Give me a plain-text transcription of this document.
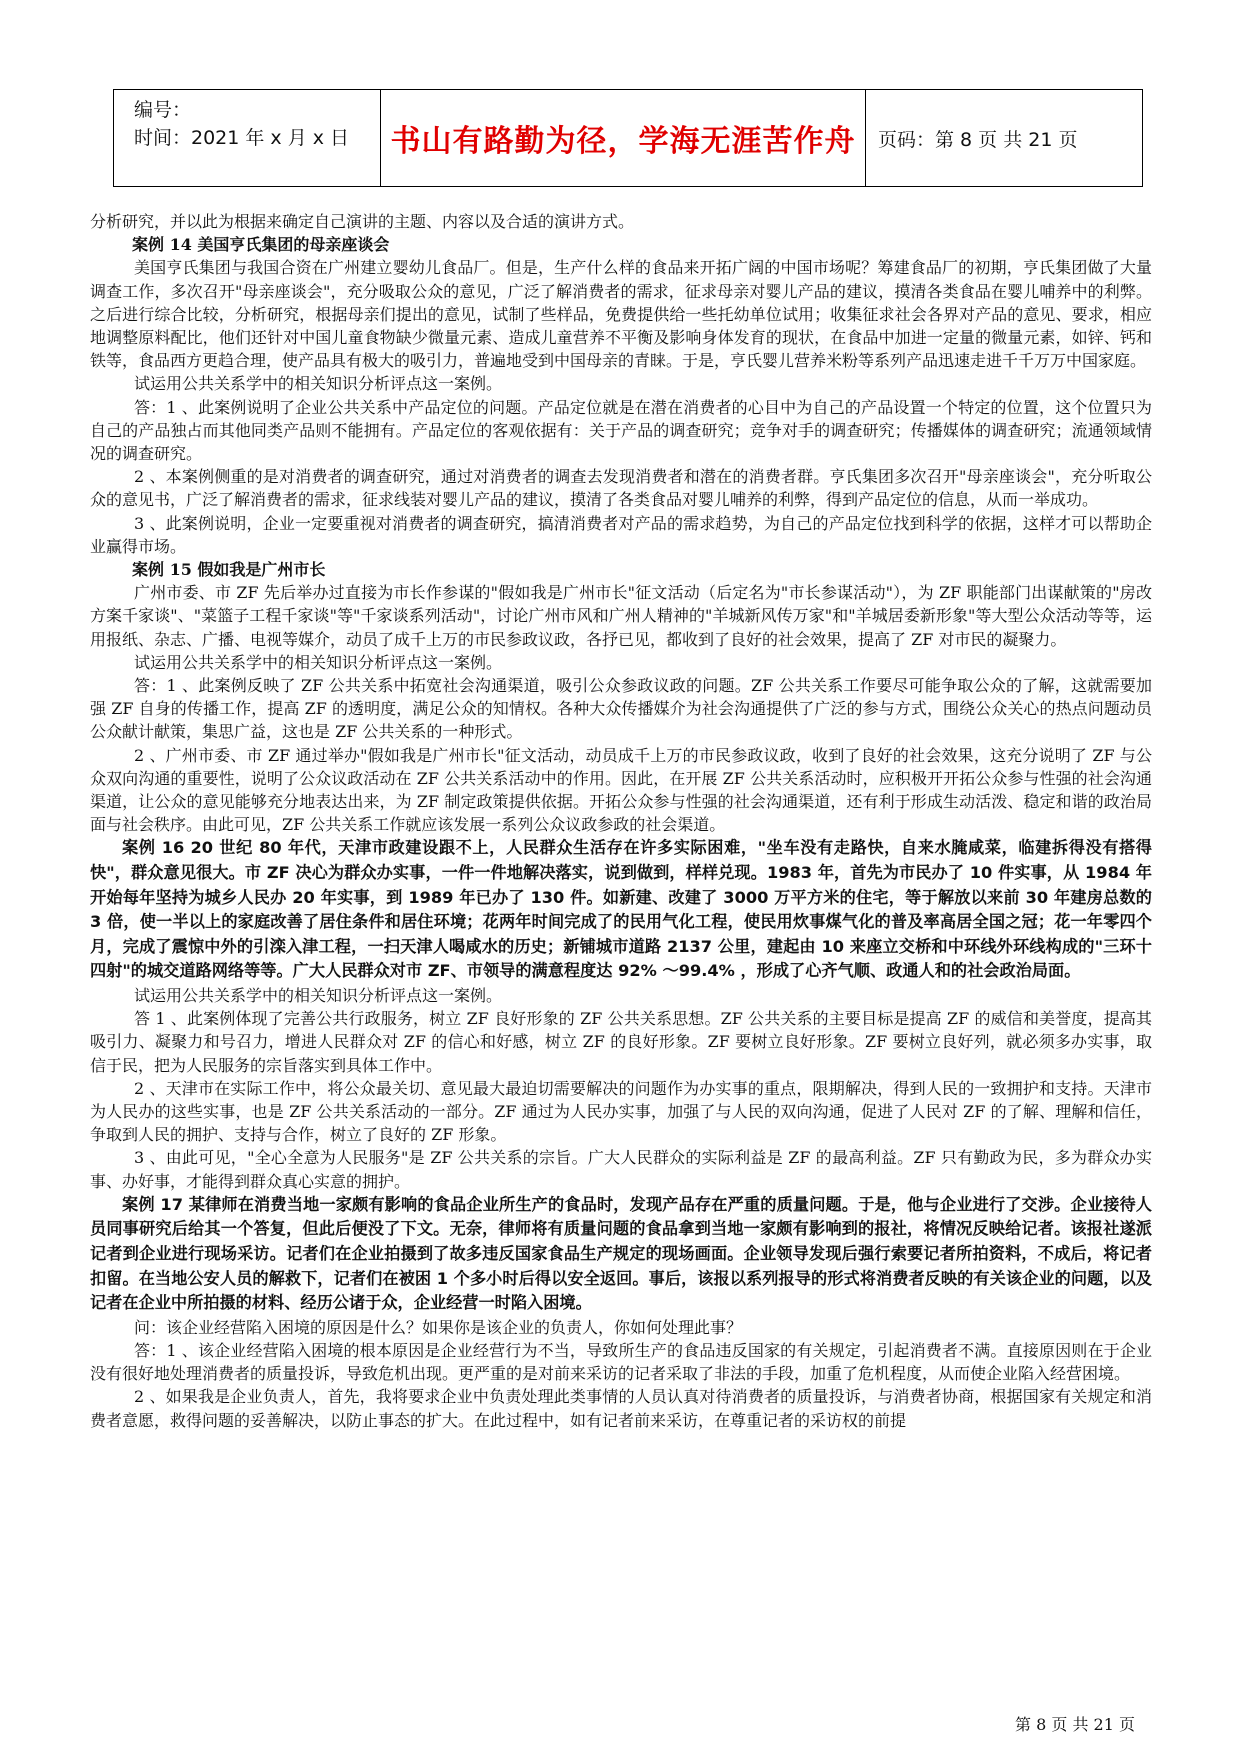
编号：
时间：2021 年 x 月 x 日	书山有路勤为径，学海无涯苦作舟 页码：第 8 页 共 21 页

分析研究，并以此为根据来确定自己演讲的主题、内容以及合适的演讲方式。

案例 14 美国亨氏集团的母亲座谈会

美国亨氏集团与我国合资在广州建立婴幼儿食品厂。但是，生产什么样的食品来开拓广阔的中国市场呢？筹建食品厂的初期，亨氏集团做了大量调查工作，多次召开"母亲座谈会"，充分吸取公众的意见，广泛了解消费者的需求，征求母亲对婴儿产品的建议，摸清各类食品在婴儿哺养中的利弊。之后进行综合比较，分析研究，根据母亲们提出的意见，试制了些样品，免费提供给一些托幼单位试用；收集征求社会各界对产品的意见、要求，相应地调整原料配比，他们还针对中国儿童食物缺少微量元素、造成儿童营养不平衡及影响身体发育的现状，在食品中加进一定量的微量元素，如锌、钙和铁等，食品西方更趋合理，使产品具有极大的吸引力，普遍地受到中国母亲的青睐。于是，亨氏婴儿营养米粉等系列产品迅速走进千千万万中国家庭。

试运用公共关系学中的相关知识分析评点这一案例。

答：1 、此案例说明了企业公共关系中产品定位的问题。产品定位就是在潜在消费者的心目中为自己的产品设置一个特定的位置，这个位置只为自己的产品独占而其他同类产品则不能拥有。产品定位的客观依据有：关于产品的调查研究；竞争对手的调查研究；传播媒体的调查研究；流通领域情况的调查研究。

2 、本案例侧重的是对消费者的调查研究，通过对消费者的调查去发现消费者和潜在的消费者群。亨氏集团多次召开"母亲座谈会"，充分听取公众的意见书，广泛了解消费者的需求，征求线装对婴儿产品的建议，摸清了各类食品对婴儿哺养的利弊，得到产品定位的信息，从而一举成功。

3 、此案例说明，企业一定要重视对消费者的调查研究，搞清消费者对产品的需求趋势，为自己的产品定位找到科学的依据，这样才可以帮助企业赢得市场。

案例 15 假如我是广州市长

广州市委、市 ZF 先后举办过直接为市长作参谋的"假如我是广州市长"征文活动（后定名为"市长参谋活动"），为 ZF 职能部门出谋献策的"房改方案千家谈"、"菜篮子工程千家谈"等"千家谈系列活动"，讨论广州市风和广州人精神的"羊城新风传万家"和"羊城居委新形象"等大型公众活动等等，运用报纸、杂志、广播、电视等媒介，动员了成千上万的市民参政议政，各抒已见，都收到了良好的社会效果，提高了 ZF 对市民的凝聚力。

试运用公共关系学中的相关知识分析评点这一案例。

答：1 、此案例反映了 ZF 公共关系中拓宽社会沟通渠道，吸引公众参政议政的问题。ZF 公共关系工作要尽可能争取公众的了解，这就需要加强 ZF 自身的传播工作，提高 ZF 的透明度，满足公众的知情权。各种大众传播媒介为社会沟通提供了广泛的参与方式，围绕公众关心的热点问题动员公众献计献策，集思广益，这也是 ZF 公共关系的一种形式。

2 、广州市委、市 ZF 通过举办"假如我是广州市长"征文活动，动员成千上万的市民参政议政，收到了良好的社会效果，这充分说明了 ZF 与公众双向沟通的重要性，说明了公众议政活动在 ZF 公共关系活动中的作用。因此，在开展 ZF 公共关系活动时，应积极开开拓公众参与性强的社会沟通渠道，让公众的意见能够充分地表达出来，为 ZF 制定政策提供依据。开拓公众参与性强的社会沟通渠道，还有利于形成生动活泼、稳定和谐的政治局面与社会秩序。由此可见，ZF 公共关系工作就应该发展一系列公众议政参政的社会渠道。

案例 16 20 世纪 80 年代，天津市政建设跟不上，人民群众生活存在许多实际困难，"坐车没有走路快，自来水腌咸菜，临建拆得没有搭得快"，群众意见很大。市 ZF 决心为群众办实事，一件一件地解决落实，说到做到，样样兑现。1983 年，首先为市民办了 10 件实事，从 1984 年开始每年坚持为城乡人民办 20 年实事，到 1989 年已办了 130 件。如新建、改建了 3000 万平方米的住宅，等于解放以来前 30 年建房总数的 3 倍，使一半以上的家庭改善了居住条件和居住环境；花两年时间完成了的民用气化工程，使民用炊事煤气化的普及率高居全国之冠；花一年零四个月，完成了震惊中外的引滦入津工程，一扫天津人喝咸水的历史；新铺城市道路 2137 公里，建起由 10 来座立交桥和中环线外环线构成的"三环十四射"的城交道路网络等等。广大人民群众对市 ZF、市领导的满意程度达 92% ～99.4% ，形成了心齐气顺、政通人和的社会政治局面。

试运用公共关系学中的相关知识分析评点这一案例。

答 1 、此案例体现了完善公共行政服务，树立 ZF 良好形象的 ZF 公共关系思想。ZF 公共关系的主要目标是提高 ZF 的威信和美誉度，提高其吸引力、凝聚力和号召力，增进人民群众对 ZF 的信心和好感，树立 ZF 的良好形象。ZF 要树立良好形象。ZF 要树立良好列，就必须多办实事，取信于民，把为人民服务的宗旨落实到具体工作中。

2 、天津市在实际工作中，将公众最关切、意见最大最迫切需要解决的问题作为办实事的重点，限期解决，得到人民的一致拥护和支持。天津市为人民办的这些实事，也是 ZF 公共关系活动的一部分。ZF 通过为人民办实事，加强了与人民的双向沟通，促进了人民对 ZF 的了解、理解和信任，争取到人民的拥护、支持与合作，树立了良好的 ZF 形象。

3 、由此可见，"全心全意为人民服务"是 ZF 公共关系的宗旨。广大人民群众的实际利益是 ZF 的最高利益。ZF 只有勤政为民，多为群众办实事、办好事，才能得到群众真心实意的拥护。

案例 17 某律师在消费当地一家颇有影响的食品企业所生产的食品时，发现产品存在严重的质量问题。于是，他与企业进行了交涉。企业接待人员同事研究后给其一个答复，但此后便没了下文。无奈，律师将有质量问题的食品拿到当地一家颇有影响到的报社，将情况反映给记者。该报社遂派记者到企业进行现场采访。记者们在企业拍摄到了故多违反国家食品生产规定的现场画面。企业领导发现后强行索要记者所拍资料，不成后，将记者扣留。在当地公安人员的解救下，记者们在被困 1 个多小时后得以安全返回。事后，该报以系列报导的形式将消费者反映的有关该企业的问题，以及记者在企业中所拍摄的材料、经历公诸于众，企业经营一时陷入困境。

问：该企业经营陷入困境的原因是什么？如果你是该企业的负责人，你如何处理此事？

答：1 、该企业经营陷入困境的根本原因是企业经营行为不当，导致所生产的食品违反国家的有关规定，引起消费者不满。直接原因则在于企业没有很好地处理消费者的质量投诉，导致危机出现。更严重的是对前来采访的记者采取了非法的手段，加重了危机程度，从而使企业陷入经营困境。

2 、如果我是企业负责人，首先，我将要求企业中负责处理此类事情的人员认真对待消费者的质量投诉，与消费者协商，根据国家有关规定和消费者意愿，救得问题的妥善解决，以防止事态的扩大。在此过程中，如有记者前来采访，在尊重记者的采访权的前提

第 8 页 共 21 页
